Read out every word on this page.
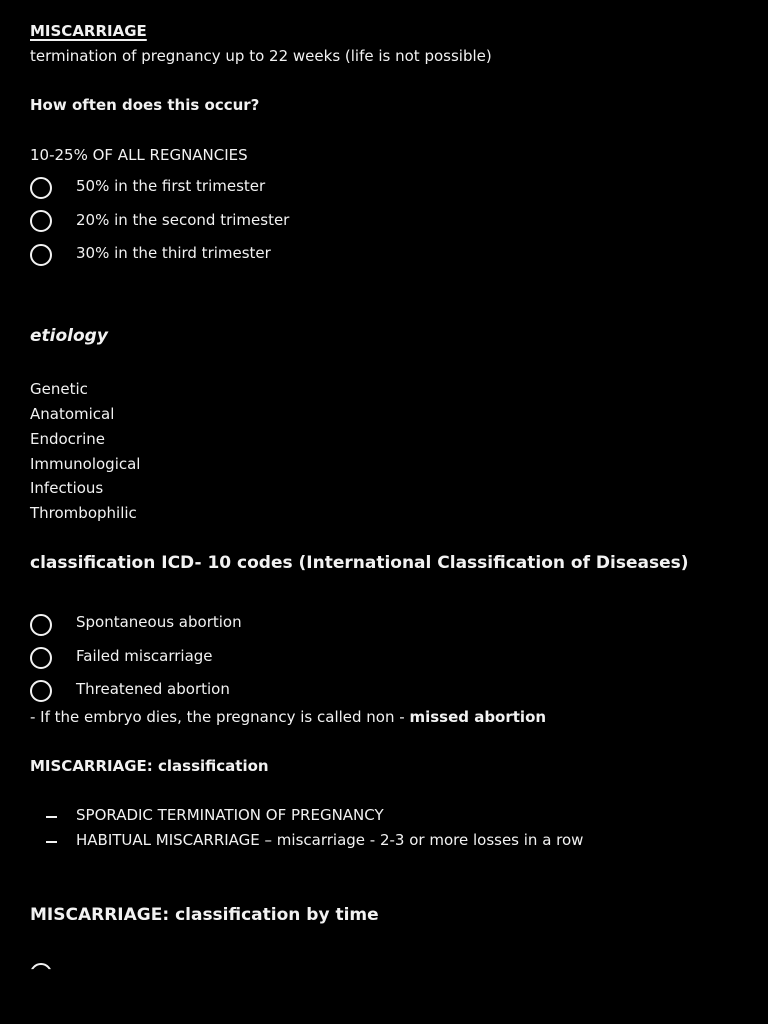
MISCARRIAGE
termination of pregnancy up to 22 weeks (life is not possible)
How often does this occur?
10-25% OF ALL REGNANCIES
50% in the first trimester
20% in the second trimester
30% in the third trimester
etiology
Genetic
Anatomical
Endocrine
Immunological
Infectious
Thrombophilic
classification ICD- 10 codes (International Classification of Diseases)
Spontaneous abortion
Failed miscarriage
Threatened abortion
- If the embryo dies, the pregnancy is called non - missed abortion
MISCARRIAGE: classification
SPORADIC TERMINATION OF PREGNANCY
HABITUAL MISCARRIAGE – miscarriage - 2-3 or more losses in a row
MISCARRIAGE: classification by time
